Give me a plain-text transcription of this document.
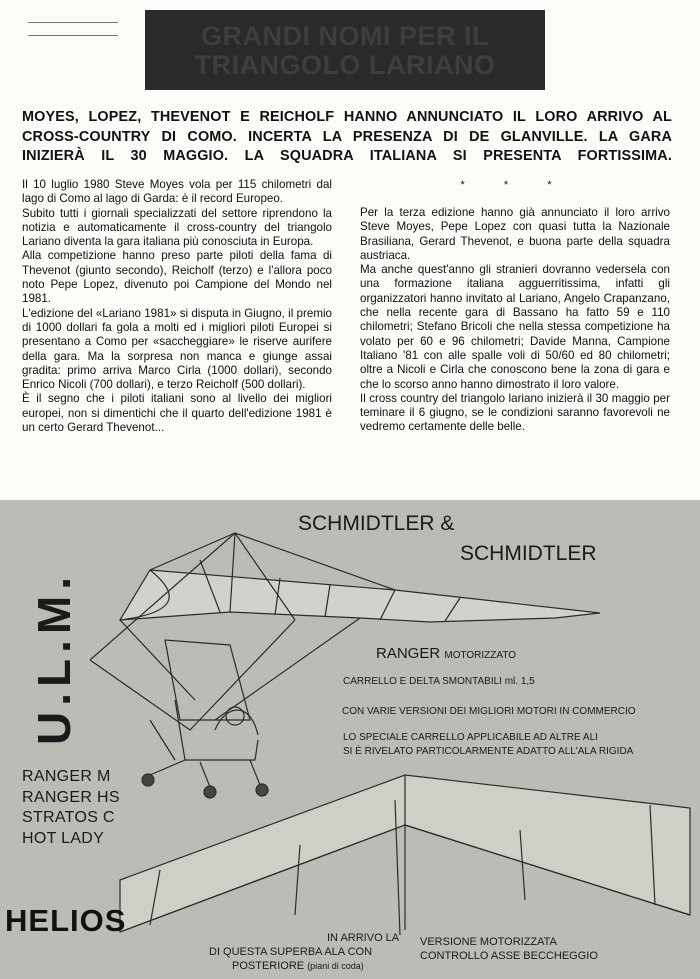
GRANDI NOMI PER IL
TRIANGOLO LARIANO
MOYES, LOPEZ, THEVENOT E REICHOLF HANNO ANNUNCIATO IL LORO ARRIVO AL
CROSS-COUNTRY DI COMO. INCERTA LA PRESENZA DI DE GLANVILLE. LA GARA
INIZIERÀ IL 30 MAGGIO. LA SQUADRA ITALIANA SI PRESENTA FORTISSIMA.

Il 10 luglio 1980 Steve Moyes vola per 115 chilometri dal lago di Como al lago di Garda: è il record Europeo.

Subito tutti i giornali specializzati del settore riprendono la notizia e automaticamente il cross-country del triangolo Lariano diventa la gara italiana più conosciuta in Europa.

Alla competizione hanno preso parte piloti della fama di Thevenot (giunto secondo), Reicholf (terzo) e l'allora poco noto Pepe Lopez, divenuto poi Campione del Mondo nel 1981.

L'edizione del «Lariano 1981» si disputa in Giugno, il premio di 1000 dollari fa gola a molti ed i migliori piloti Europei si presentano a Como per «saccheggiare» le riserve aurifere della gara. Ma la sorpresa non manca e giunge assai gradita: primo arriva Marco Cirla (1000 dollari), secondo Enrico Nicoli (700 dollari), e terzo Reicholf (500 dollari).

È il segno che i piloti italiani sono al livello dei migliori europei, non si dimentichi che il quarto dell'edizione 1981 è un certo Gerard Thevenot...

* * *

Per la terza edizione hanno già annunciato il loro arrivo Steve Moyes, Pepe Lopez con quasi tutta la Nazionale Brasiliana, Gerard Thevenot, e buona parte della squadra austriaca.

Ma anche quest'anno gli stranieri dovranno vedersela con una formazione italiana agguerritissima, infatti gli organizzatori hanno invitato al Lariano, Angelo Crapanzano, che nella recente gara di Bassano ha fatto 59 e 110 chilometri; Stefano Bricoli che nella stessa competizione ha volato per 60 e 96 chilometri; Davide Manna, Campione Italiano '81 con alle spalle voli di 50/60 ed 80 chilometri; oltre a Nicoli e Cirla che conoscono bene la zona di gara e che lo scorso anno hanno dimostrato il loro valore.

Il cross country del triangolo lariano inizierà il 30 maggio per teminare il 6 giugno, se le condizioni saranno favorevoli ne vedremo certamente delle belle.

SCHMIDTLER &
SCHMIDTLER
RANGER MOTORIZZATO
CARRELLO E DELTA SMONTABILI ml. 1,5
CON VARIE VERSIONI DEI MIGLIORI MOTORI IN COMMERCIO
LO SPECIALE CARRELLO APPLICABILE AD ALTRE ALI
SI È RIVELATO PARTICOLARMENTE ADATTO ALL'ALA RIGIDA
IN ARRIVO LA
DI QUESTA SUPERBA ALA CON
POSTERIORE (piani di coda)
VERSIONE MOTORIZZATA
CONTROLLO ASSE BECCHEGGIO
U.L.M.
RANGER M
RANGER HS
STRATOS C
HOT LADY
HELIOS
